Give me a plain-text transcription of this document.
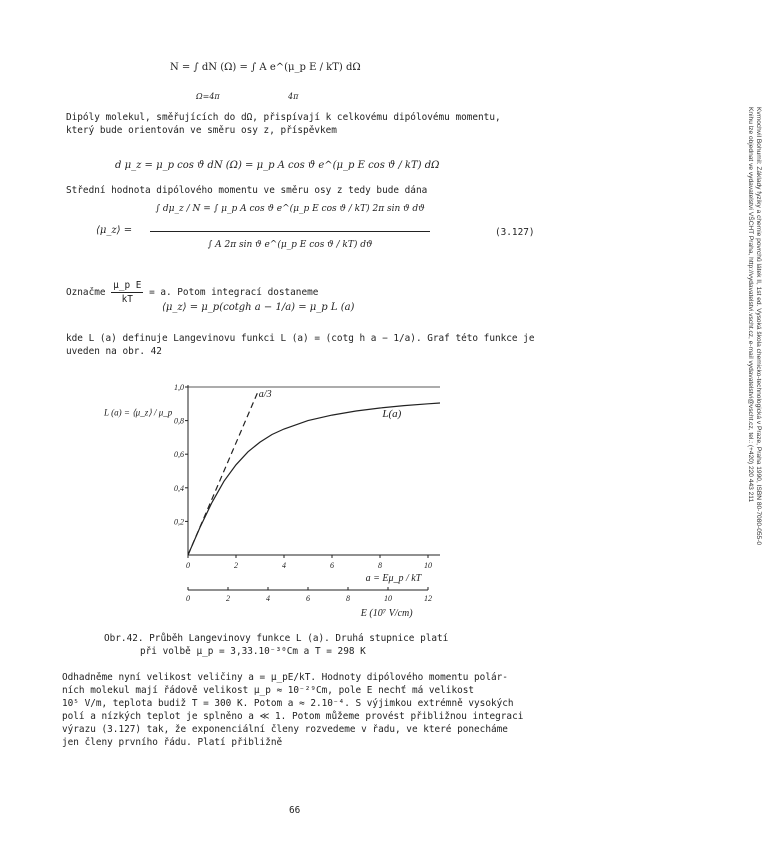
Kvmochvil Bohumil: Základy fyziky a chemie povrchů látek II, 1st ed. Vysoká škola chemicko-technologická v Praze, Praha 1990, ISBN 80-7080-055-0
Knihu lze objednat ve vydavatelství VŠCHT Praha, http://vydavatelstvi.vscht.cz, e-mail vydavatelstvi@vscht.cz, tel.: (+420) 220 443 211
N = ∫ dN (Ω) = ∫ A e^(μ_p E / kT) dΩ
Ω=4π	4π
Dipóly molekul, směřujících do dΩ, přispívají k celkovému dipólovému momentu,
který bude orientován ve směru osy z, příspěvkem
d μ_z = μ_p cos ϑ dN (Ω) = μ_p A cos ϑ e^(μ_p E cos ϑ / kT) dΩ
Střední hodnota dipólového momentu ve směru osy z tedy bude dána
⟨μ_z⟩ =
∫ dμ_z / N = ∫ μ_p A cos ϑ e^(μ_p E cos ϑ / kT) 2π sin ϑ dϑ
∫ A 2π sin ϑ e^(μ_p E cos ϑ / kT) dϑ
(3.127)
Označme $\frac{\text{μ\_p E}}{kT} = a$. Potom integrací dostaneme
⟨μ_z⟩ = μ_p(cotgh a − 1/a) = μ_p L (a)
kde L (a) definuje Langevinovu funkci L (a) = (cotg h a − 1/a). Graf této funkce je
uveden na obr. 42
0,2
0,4
0,6
0,8
1,0
0	2	4	6	8	10
0	2	4	6	8	10	12
L(a)
a/3
L (a) = ⟨μ_z⟩ / μ_p
a = Eμ_p / kT
E (10⁷ V/cm)
Obr.42. Průběh Langevinovy funkce L (a). Druhá stupnice platí
při volbě μ_p = 3,33.10⁻³⁰Cm a T = 298 K
Odhadněme nyní velikost veličiny a = μ_pE/kT. Hodnoty dipólového momentu polár-
ních molekul mají řádově velikost μ_p ≈ 10⁻²⁹Cm, pole E nechť má velikost
10⁵ V/m, teplota budiž T = 300 K. Potom a ≈ 2.10⁻⁴. S výjimkou extrémně vysokých
polí a nízkých teplot je splněno a ≪ 1. Potom můžeme provést přibližnou integraci
výrazu (3.127) tak, že exponenciální členy rozvedeme v řadu, ve které ponecháme
jen členy prvního řádu. Platí přibližně
66
